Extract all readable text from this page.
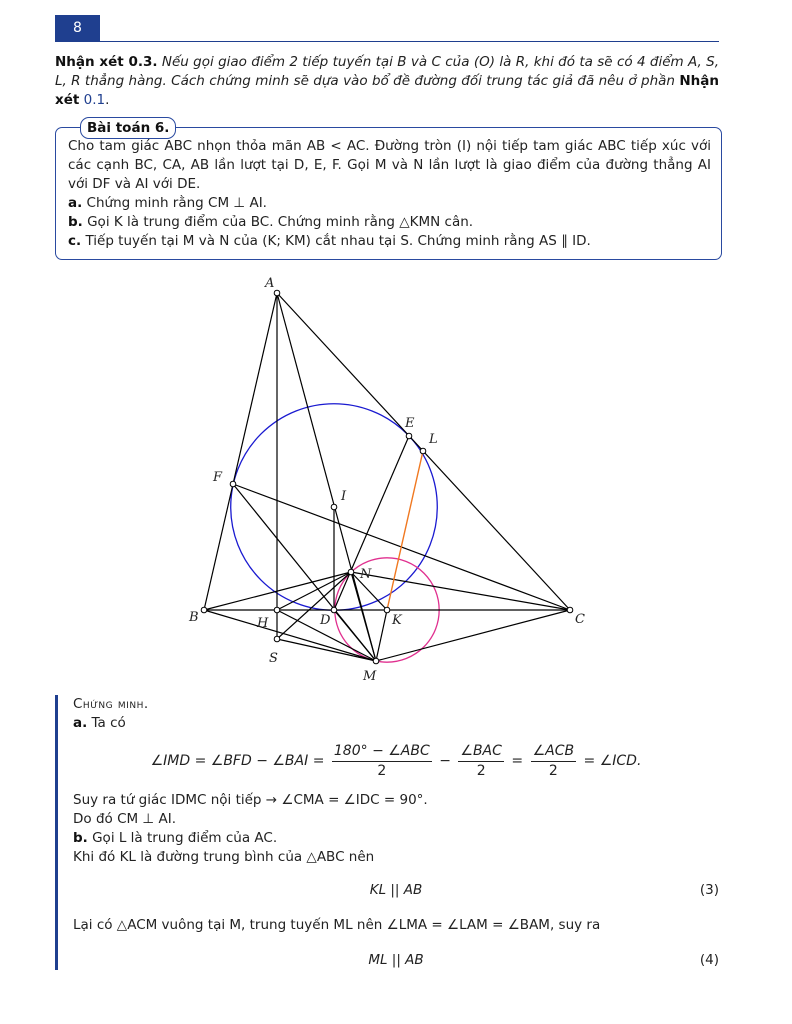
8
Nhận xét 0.3. Nếu gọi giao điểm 2 tiếp tuyến tại B và C của (O) là R, khi đó ta sẽ có 4 điểm A, S, L, R thẳng hàng. Cách chứng minh sẽ dựa vào bổ đề đường đối trung tác giả đã nêu ở phần Nhận xét 0.1.
Bài toán 6.

Cho tam giác ABC nhọn thỏa mãn AB < AC. Đường tròn (I) nội tiếp tam giác ABC tiếp xúc với các cạnh BC, CA, AB lần lượt tại D, E, F. Gọi M và N lần lượt là giao điểm của đường thẳng AI với DF và AI với DE.

a. Chứng minh rằng CM ⊥ AI.

b. Gọi K là trung điểm của BC. Chứng minh rằng △KMN cân.

c. Tiếp tuyến tại M và N của (K; KM) cắt nhau tại S. Chứng minh rằng AS ∥ ID.

A
E
L
F
I
N
B	H	D	K	C
S
M

Chứng minh.

a. Ta có

∠IMD = ∠BFD − ∠BAI = $\frac{\text{180° − ∠ABC}}{2} - \frac{\text{∠BAC}}{2} = \frac{\text{∠ACB}}{2}$ = ∠ICD.

Suy ra tứ giác IDMC nội tiếp → ∠CMA = ∠IDC = 90°.

Do đó CM ⊥ AI.

b. Gọi L là trung điểm của AC.

Khi đó KL là đường trung bình của △ABC nên

KL || AB	(3)

Lại có △ACM vuông tại M, trung tuyến ML nên ∠LMA = ∠LAM = ∠BAM, suy ra

ML || AB	(4)
